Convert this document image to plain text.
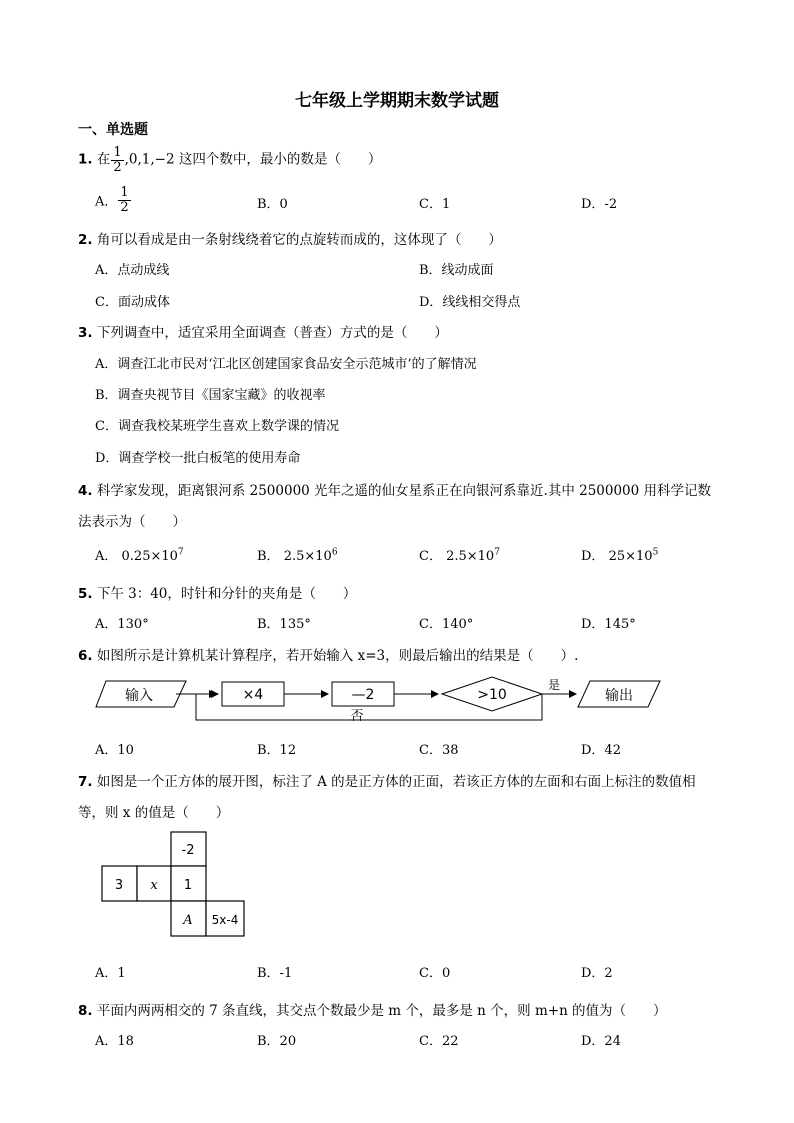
七年级上学期期末数学试题
一、单选题
1. 在 $\frac{1}{2} ,0,1,-2$ 这四个数中，最小的数是（　　）
A． $\frac{1}{2}$	B．0	C．1	D．-2
2. 角可以看成是由一条射线绕着它的点旋转而成的，这体现了（　　）
A．点动成线	B．线动成面
C．面动成体	D．线线相交得点
3. 下列调查中，适宜采用全面调查（普查）方式的是（　　）
A．调查江北市民对‘江北区创建国家食品安全示范城市’的了解情况
B．调查央视节目《国家宝藏》的收视率
C．调查我校某班学生喜欢上数学课的情况
D．调查学校一批白板笔的使用寿命
4. 科学家发现，距离银河系 2500000 光年之遥的仙女星系正在向银河系靠近.其中 2500000 用科学记数
法表示为（　　）
A． $0.25\times 10^7$	B． $2.5\times 10^6$	C． $2.5\times 10^7$	D． $25\times 10^5$
5. 下午 3：40，时针和分针的夹角是（　　）
A．130°	B．135°	C．140°	D．145°
6. 如图所示是计算机某计算程序，若开始输入 x=3，则最后输出的结果是（　　）.
输入	×4	—2	>10
是
输出
否
A．10	B．12	C．38	D．42
7. 如图是一个正方体的展开图，标注了 A 的是正方体的正面，若该正方体的左面和右面上标注的数值相
等，则 x 的值是（　　）
-2
3 x 1
A 5x-4
A．1	B．-1	C．0	D．2
8. 平面内两两相交的 7 条直线，其交点个数最少是 m 个，最多是 n 个，则 m+n 的值为（　　）
A．18	B．20	C．22	D．24
